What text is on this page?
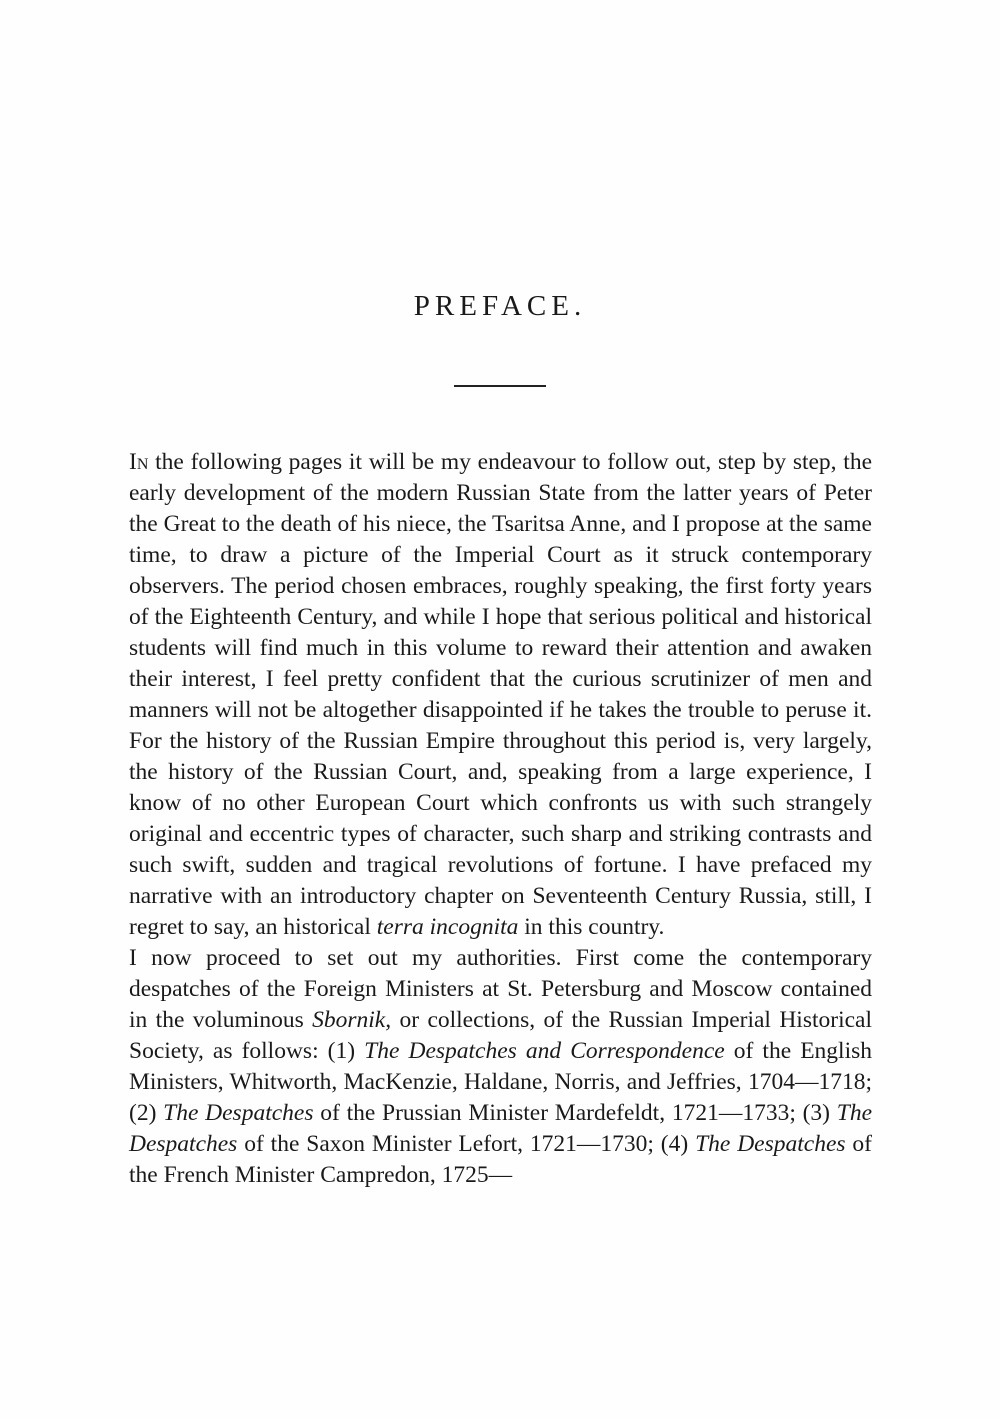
PREFACE.

In the following pages it will be my endeavour to follow out, step by step, the early development of the modern Russian State from the latter years of Peter the Great to the death of his niece, the Tsaritsa Anne, and I propose at the same time, to draw a picture of the Imperial Court as it struck contemporary observers. The period chosen embraces, roughly speaking, the first forty years of the Eighteenth Century, and while I hope that serious political and historical students will find much in this volume to reward their attention and awaken their interest, I feel pretty confident that the curious scrutinizer of men and manners will not be altogether disappointed if he takes the trouble to peruse it. For the history of the Russian Empire throughout this period is, very largely, the history of the Russian Court, and, speaking from a large experience, I know of no other European Court which confronts us with such strangely original and eccentric types of character, such sharp and striking contrasts and such swift, sudden and tragical revolutions of fortune. I have prefaced my narrative with an introductory chapter on Seventeenth Century Russia, still, I regret to say, an historical terra incognita in this country.

I now proceed to set out my authorities. First come the contemporary despatches of the Foreign Ministers at St. Petersburg and Moscow contained in the voluminous Sbornik, or collections, of the Russian Imperial Historical Society, as follows: (1) The Despatches and Correspondence of the English Ministers, Whitworth, MacKenzie, Haldane, Norris, and Jeffries, 1704—1718; (2) The Despatches of the Prussian Minister Mardefeldt, 1721—1733; (3) The Despatches of the Saxon Minister Lefort, 1721—1730; (4) The Despatches of the French Minister Campredon, 1725—
